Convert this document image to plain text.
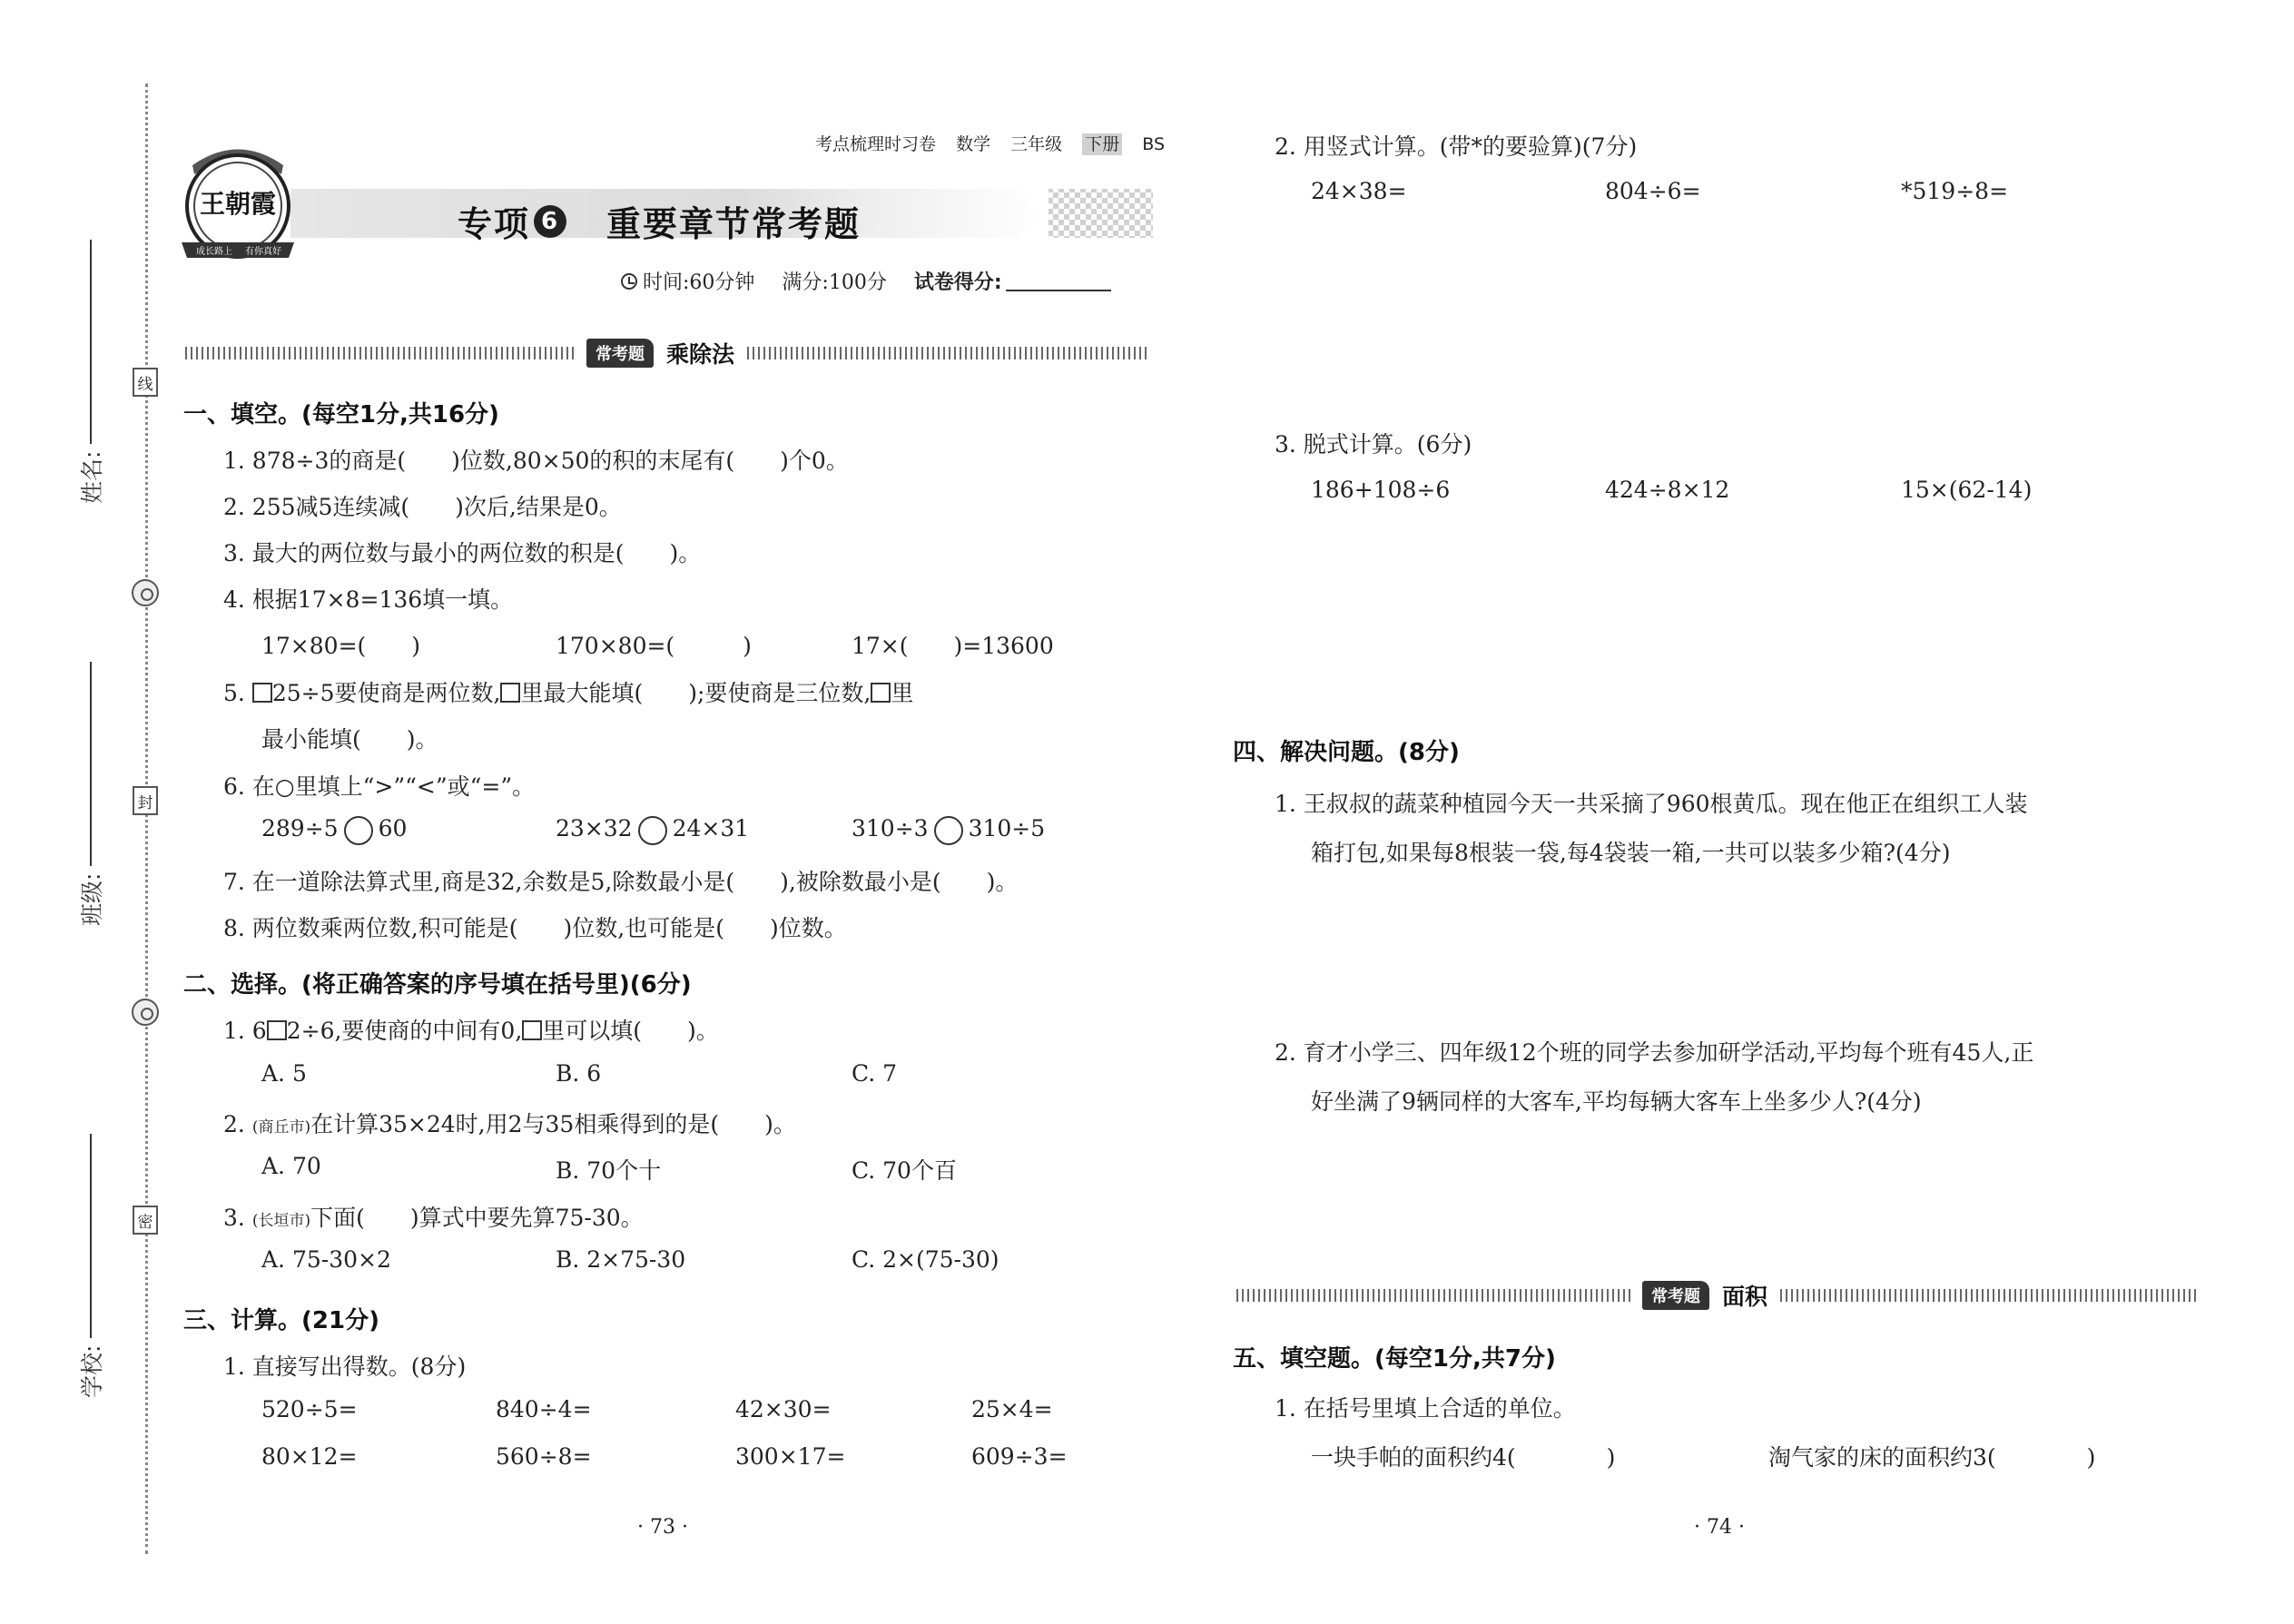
线
封
密
姓名:
班级:
学校:
王朝霞
成长路上 有你真好
考点梳理时习卷 数学 三年级 下册 BS
专项 6 重要章节常考题
时间:60分钟 满分:100分 试卷得分:
常考题 乘除法
一、填空。(每空1分,共16分)
1. 878÷3的商是(　　)位数,80×50的积的末尾有(　　)个0。
2. 255减5连续减(　　)次后,结果是0。
3. 最大的两位数与最小的两位数的积是(　　)。
4. 根据17×8=136填一填。
17×80=(　　)	170×80=(　　　)	17×(　　)=13600
5. 25÷5要使商是两位数, 里最大能填(　　);要使商是三位数, 里
最小能填(　　)。
6. 在○里填上“>”“<”或“=”。
289÷5 60	23×32 24×31	310÷3 310÷5
7. 在一道除法算式里,商是32,余数是5,除数最小是(　　),被除数最小是(　　)。
8. 两位数乘两位数,积可能是(　　)位数,也可能是(　　)位数。
二、选择。(将正确答案的序号填在括号里)(6分)
1. 6 2÷6,要使商的中间有0, 里可以填(　　)。
A. 5	B. 6	C. 7
2. (商丘市)在计算35×24时,用2与35相乘得到的是(　　)。
A. 70	B. 70个十	C. 70个百
3. (长垣市)下面(　　)算式中要先算75-30。
A. 75-30×2	B. 2×75-30	C. 2×(75-30)
三、计算。(21分)
1. 直接写出得数。(8分)
520÷5=	840÷4=	42×30=	25×4=
80×12=	560÷8=	300×17=	609÷3=
· 73 ·
2. 用竖式计算。(带*的要验算)(7分)
24×38=	804÷6=	*519÷8=
3. 脱式计算。(6分)
186+108÷6	424÷8×12	15×(62-14)
四、解决问题。(8分)
1. 王叔叔的蔬菜种植园今天一共采摘了960根黄瓜。现在他正在组织工人装
箱打包,如果每8根装一袋,每4袋装一箱,一共可以装多少箱?(4分)
2. 育才小学三、四年级12个班的同学去参加研学活动,平均每个班有45人,正
好坐满了9辆同样的大客车,平均每辆大客车上坐多少人?(4分)
常考题 面积
五、填空题。(每空1分,共7分)
1. 在括号里填上合适的单位。
一块手帕的面积约4(　　　　)	淘气家的床的面积约3(　　　　)
· 74 ·
